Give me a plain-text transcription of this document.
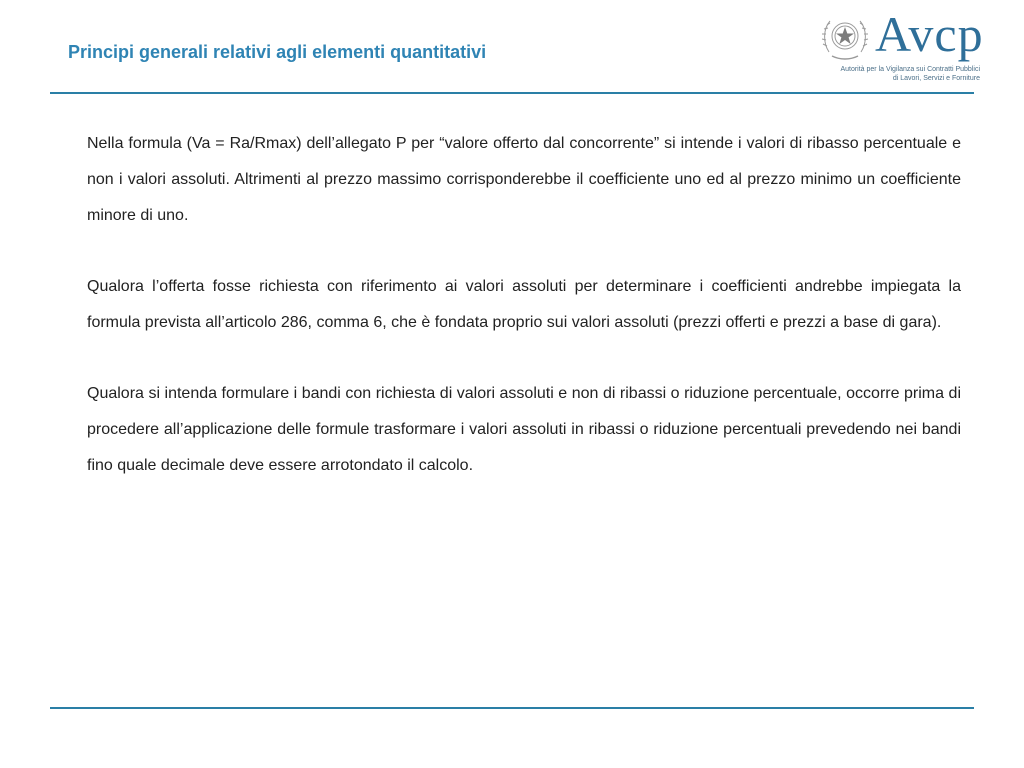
Principi generali relativi agli elementi quantitativi	Avcp
Autorità per la Vigilanza sui Contratti Pubblici
di Lavori, Servizi e Forniture

Nella formula (Va = Ra/Rmax) dell’allegato P per “valore offerto dal concorrente” si intende i valori di ribasso percentuale e non i valori assoluti. Altrimenti al prezzo massimo corrisponderebbe il coefficiente uno ed al prezzo minimo un coefficiente minore di uno.

Qualora l’offerta fosse richiesta con riferimento ai valori assoluti per determinare i coefficienti andrebbe impiegata la formula prevista all’articolo 286, comma 6, che è fondata proprio sui valori assoluti (prezzi offerti e prezzi a base di gara).

Qualora si intenda formulare i bandi con richiesta di valori assoluti e non di ribassi o riduzione percentuale, occorre prima di procedere all’applicazione delle formule trasformare i valori assoluti in ribassi o riduzione percentuali prevedendo nei bandi fino quale decimale deve essere arrotondato il calcolo.
